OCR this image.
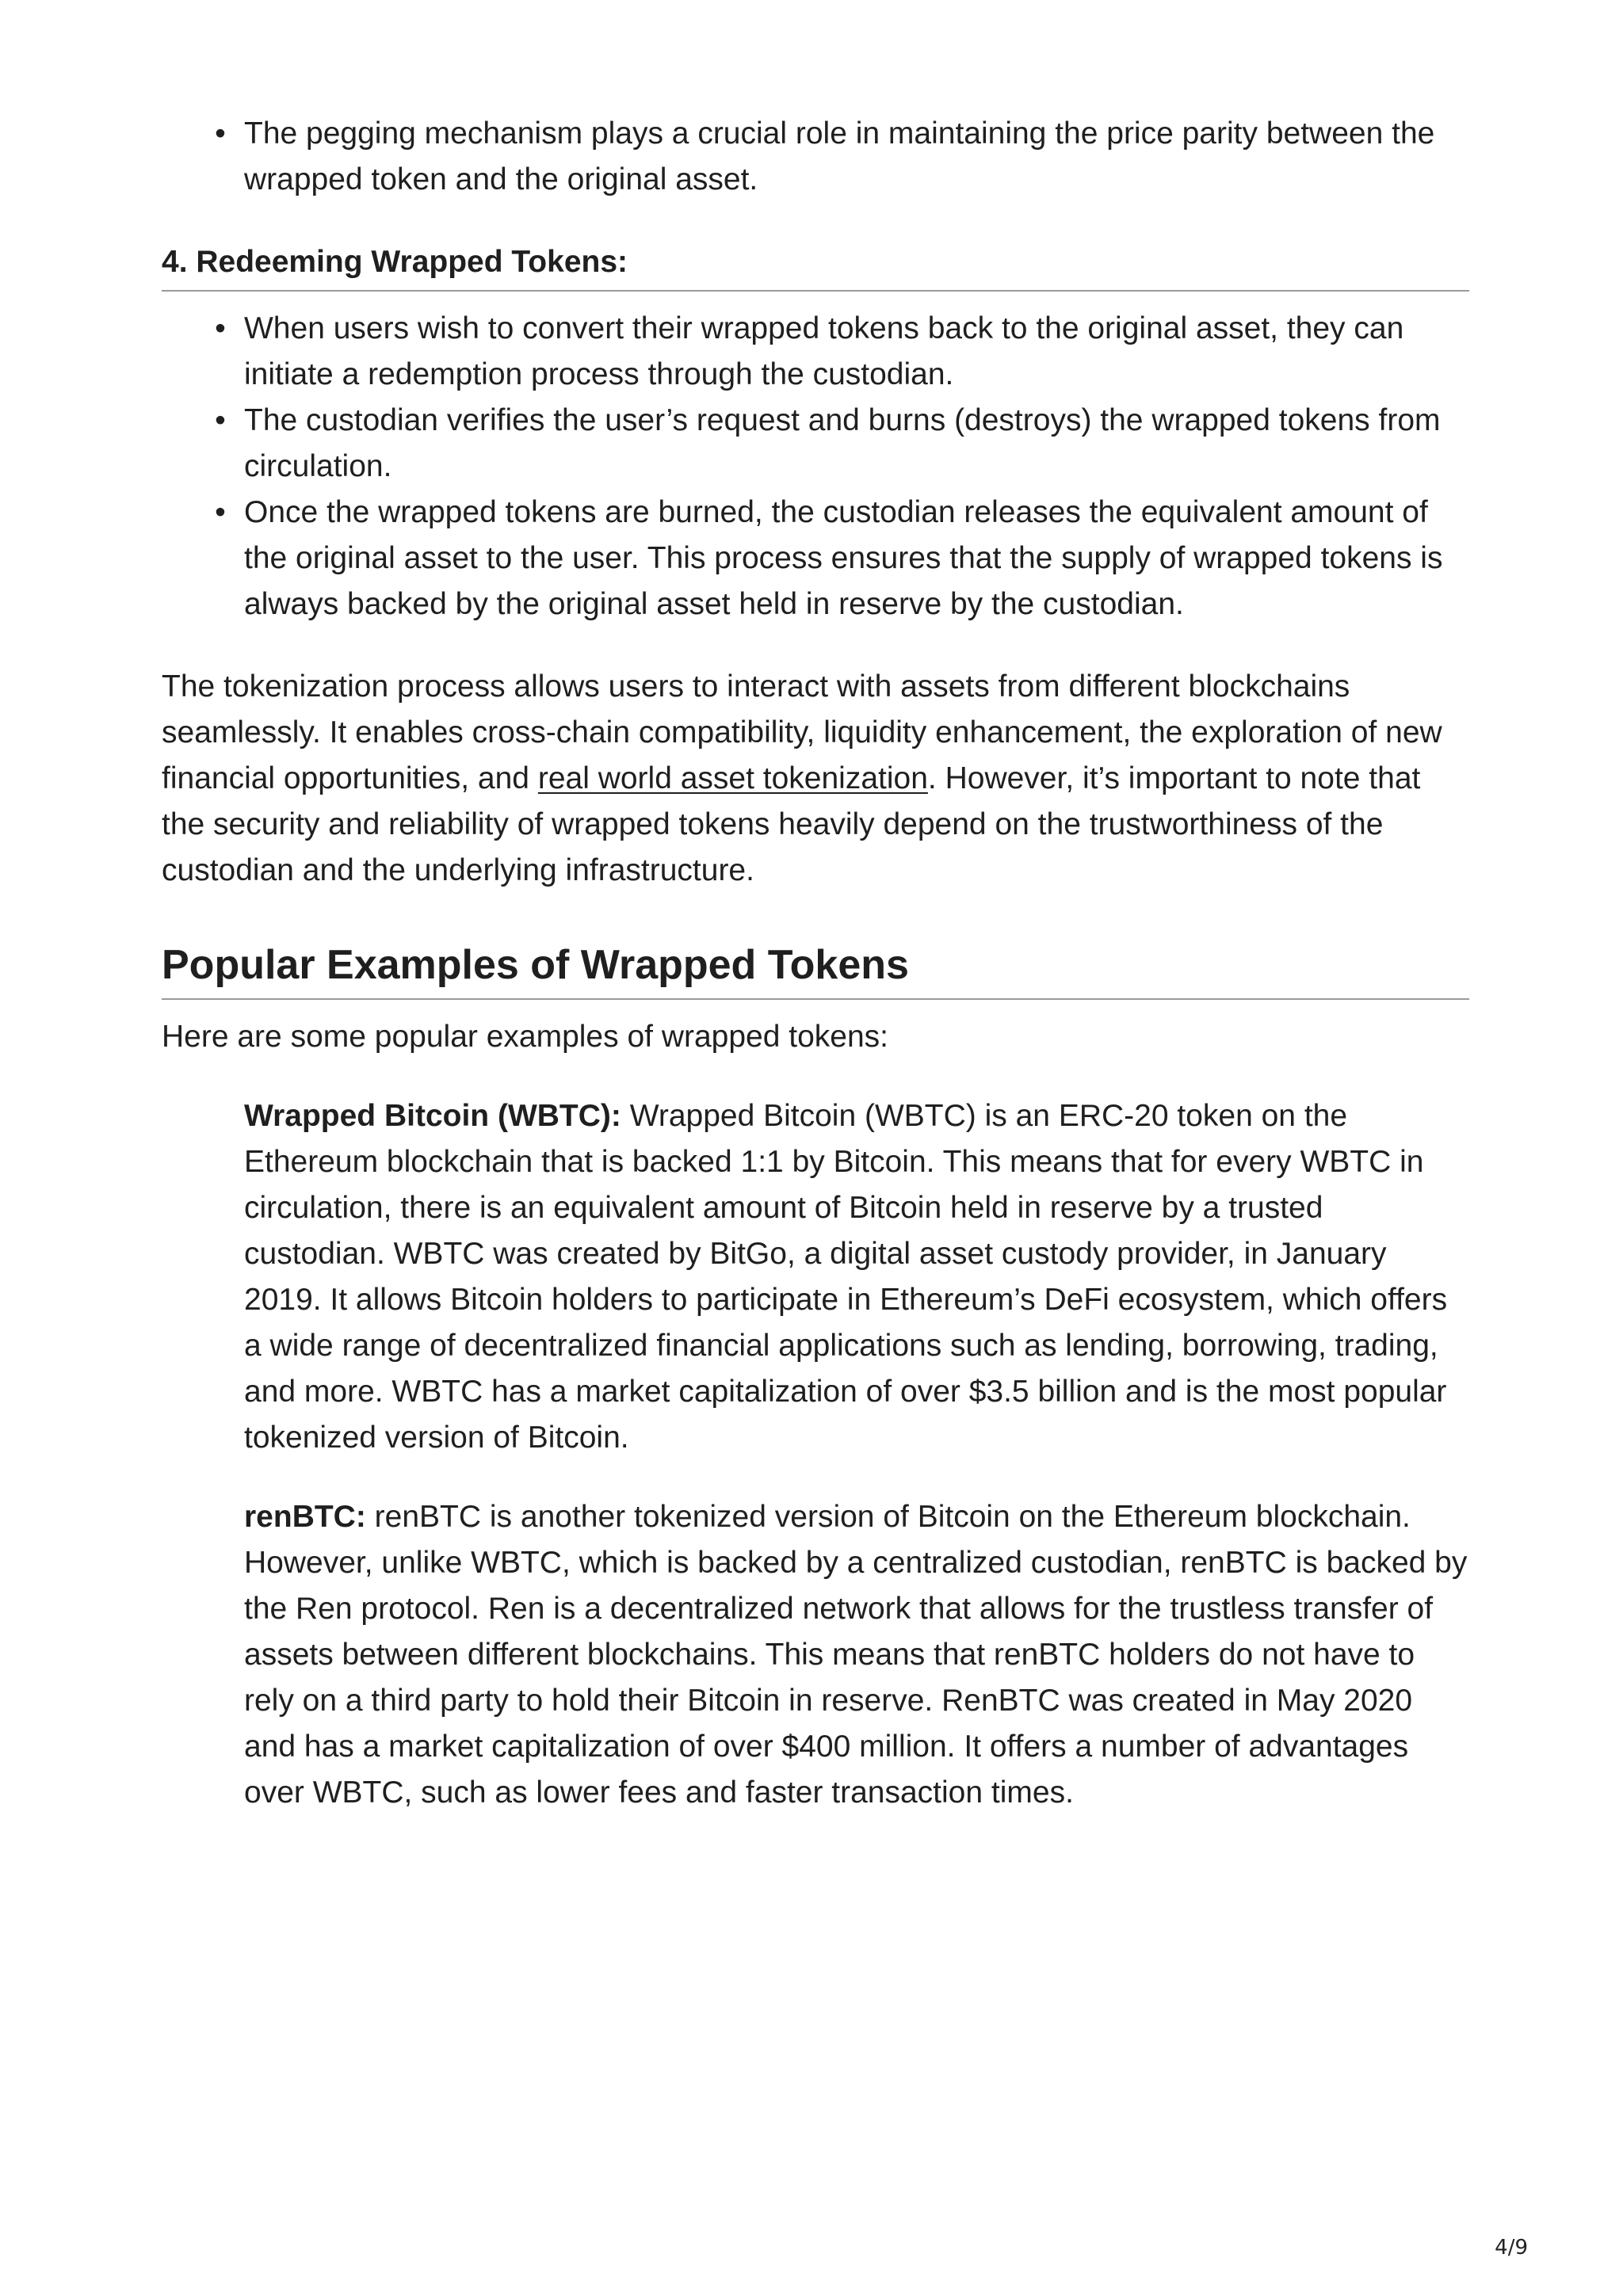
• The pegging mechanism plays a crucial role in maintaining the price parity between the wrapped token and the original asset.
4. Redeeming Wrapped Tokens:
• When users wish to convert their wrapped tokens back to the original asset, they can initiate a redemption process through the custodian.
• The custodian verifies the user’s request and burns (destroys) the wrapped tokens from circulation.
• Once the wrapped tokens are burned, the custodian releases the equivalent amount of the original asset to the user. This process ensures that the supply of wrapped tokens is always backed by the original asset held in reserve by the custodian.

The tokenization process allows users to interact with assets from different blockchains seamlessly. It enables cross-chain compatibility, liquidity enhancement, the exploration of new financial opportunities, and real world asset tokenization. However, it’s important to note that the security and reliability of wrapped tokens heavily depend on the trustworthiness of the custodian and the underlying infrastructure.

Popular Examples of Wrapped Tokens

Here are some popular examples of wrapped tokens:

Wrapped Bitcoin (WBTC): Wrapped Bitcoin (WBTC) is an ERC-20 token on the Ethereum blockchain that is backed 1:1 by Bitcoin. This means that for every WBTC in circulation, there is an equivalent amount of Bitcoin held in reserve by a trusted custodian. WBTC was created by BitGo, a digital asset custody provider, in January 2019. It allows Bitcoin holders to participate in Ethereum’s DeFi ecosystem, which offers a wide range of decentralized financial applications such as lending, borrowing, trading, and more. WBTC has a market capitalization of over $3.5 billion and is the most popular tokenized version of Bitcoin.

renBTC: renBTC is another tokenized version of Bitcoin on the Ethereum blockchain. However, unlike WBTC, which is backed by a centralized custodian, renBTC is backed by the Ren protocol. Ren is a decentralized network that allows for the trustless transfer of assets between different blockchains. This means that renBTC holders do not have to rely on a third party to hold their Bitcoin in reserve. RenBTC was created in May 2020 and has a market capitalization of over $400 million. It offers a number of advantages over WBTC, such as lower fees and faster transaction times.

4/9
